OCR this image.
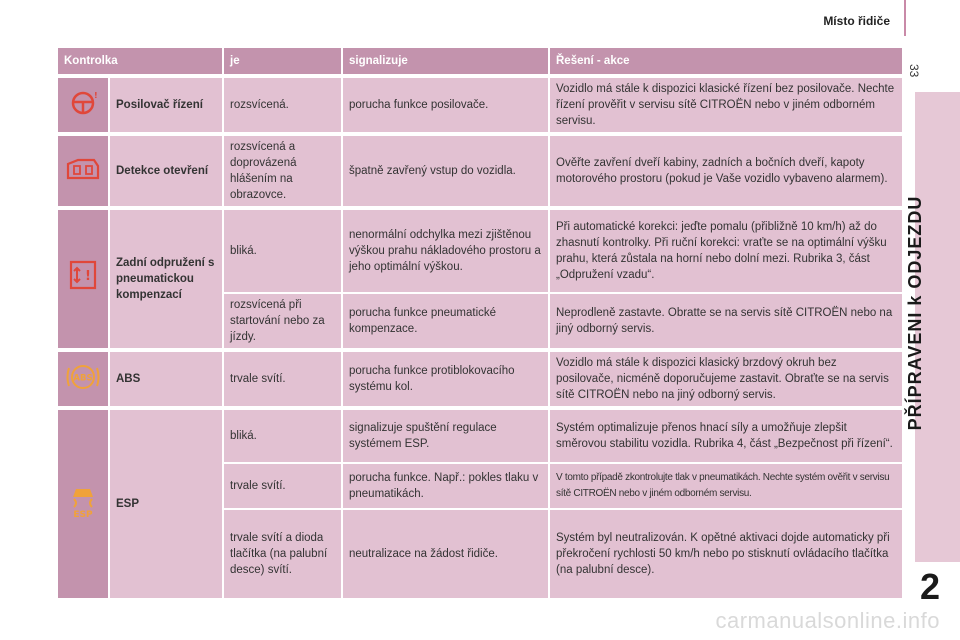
Místo řidiče
33
PŘÍPRAVENI k ODJEZDU
2
carmanualsonline.info
Kontrolka		je	signalizuje	Řešení - akce

!	Posilovač řízení	rozsvícená.	porucha funkce posilovače.	Vozidlo má stále k dispozici klasické řízení bez posilovače. Nechte řízení prověřit v servisu sítě CITROËN nebo v jiném odborném servisu.
	Detekce otevření	rozsvícená a doprovázená hlášením na obrazovce.	špatně zavřený vstup do vozidla.	Ověřte zavření dveří kabiny, zadních a bočních dveří, kapoty motorového prostoru (pokud je Vaše vozidlo vybaveno alarmem).

!	Zadní odpružení s pneumatickou kompenzací	bliká.	nenormální odchylka mezi zjištěnou výškou prahu nákladového prostoru a jeho optimální výškou.	Při automatické korekci: jeďte pomalu (přibližně 10 km/h) až do zhasnutí kontrolky. Při ruční korekci: vraťte se na optimální výšku prahu, která zůstala na horní nebo dolní mezi. Rubrika 3, část „Odpružení vzadu“.
		rozsvícená při startování nebo za jízdy.	porucha funkce pneumatické kompenzace.	Neprodleně zastavte. Obratte se na servis sítě CITROËN nebo na jiný odborný servis.

ABS	ABS	trvale svítí.	porucha funkce protiblokovacího systému kol.	Vozidlo má stále k dispozici klasický brzdový okruh bez posilovače, nicméně doporučujeme zastavit. Obraťte se na servis sítě CITROËN nebo na jiný odborný servis.

ESP	ESP	bliká.	signalizuje spuštění regulace systémem ESP.	Systém optimalizuje přenos hnací síly a umožňuje zlepšit směrovou stabilitu vozidla. Rubrika 4, část „Bezpečnost při řízení“.
		trvale svítí.	porucha funkce. Např.: pokles tlaku v pneumatikách.	V tomto případě zkontrolujte tlak v pneumatikách. Nechte systém ověřit v servisu sítě CITROËN nebo v jiném odborném servisu.
		trvale svítí a dioda tlačítka (na palubní desce) svítí.	neutralizace na žádost řidiče.	Systém byl neutralizován. K opětné aktivaci dojde automaticky při překročení rychlosti 50 km/h nebo po stisknutí ovládacího tlačítka (na palubní desce).
